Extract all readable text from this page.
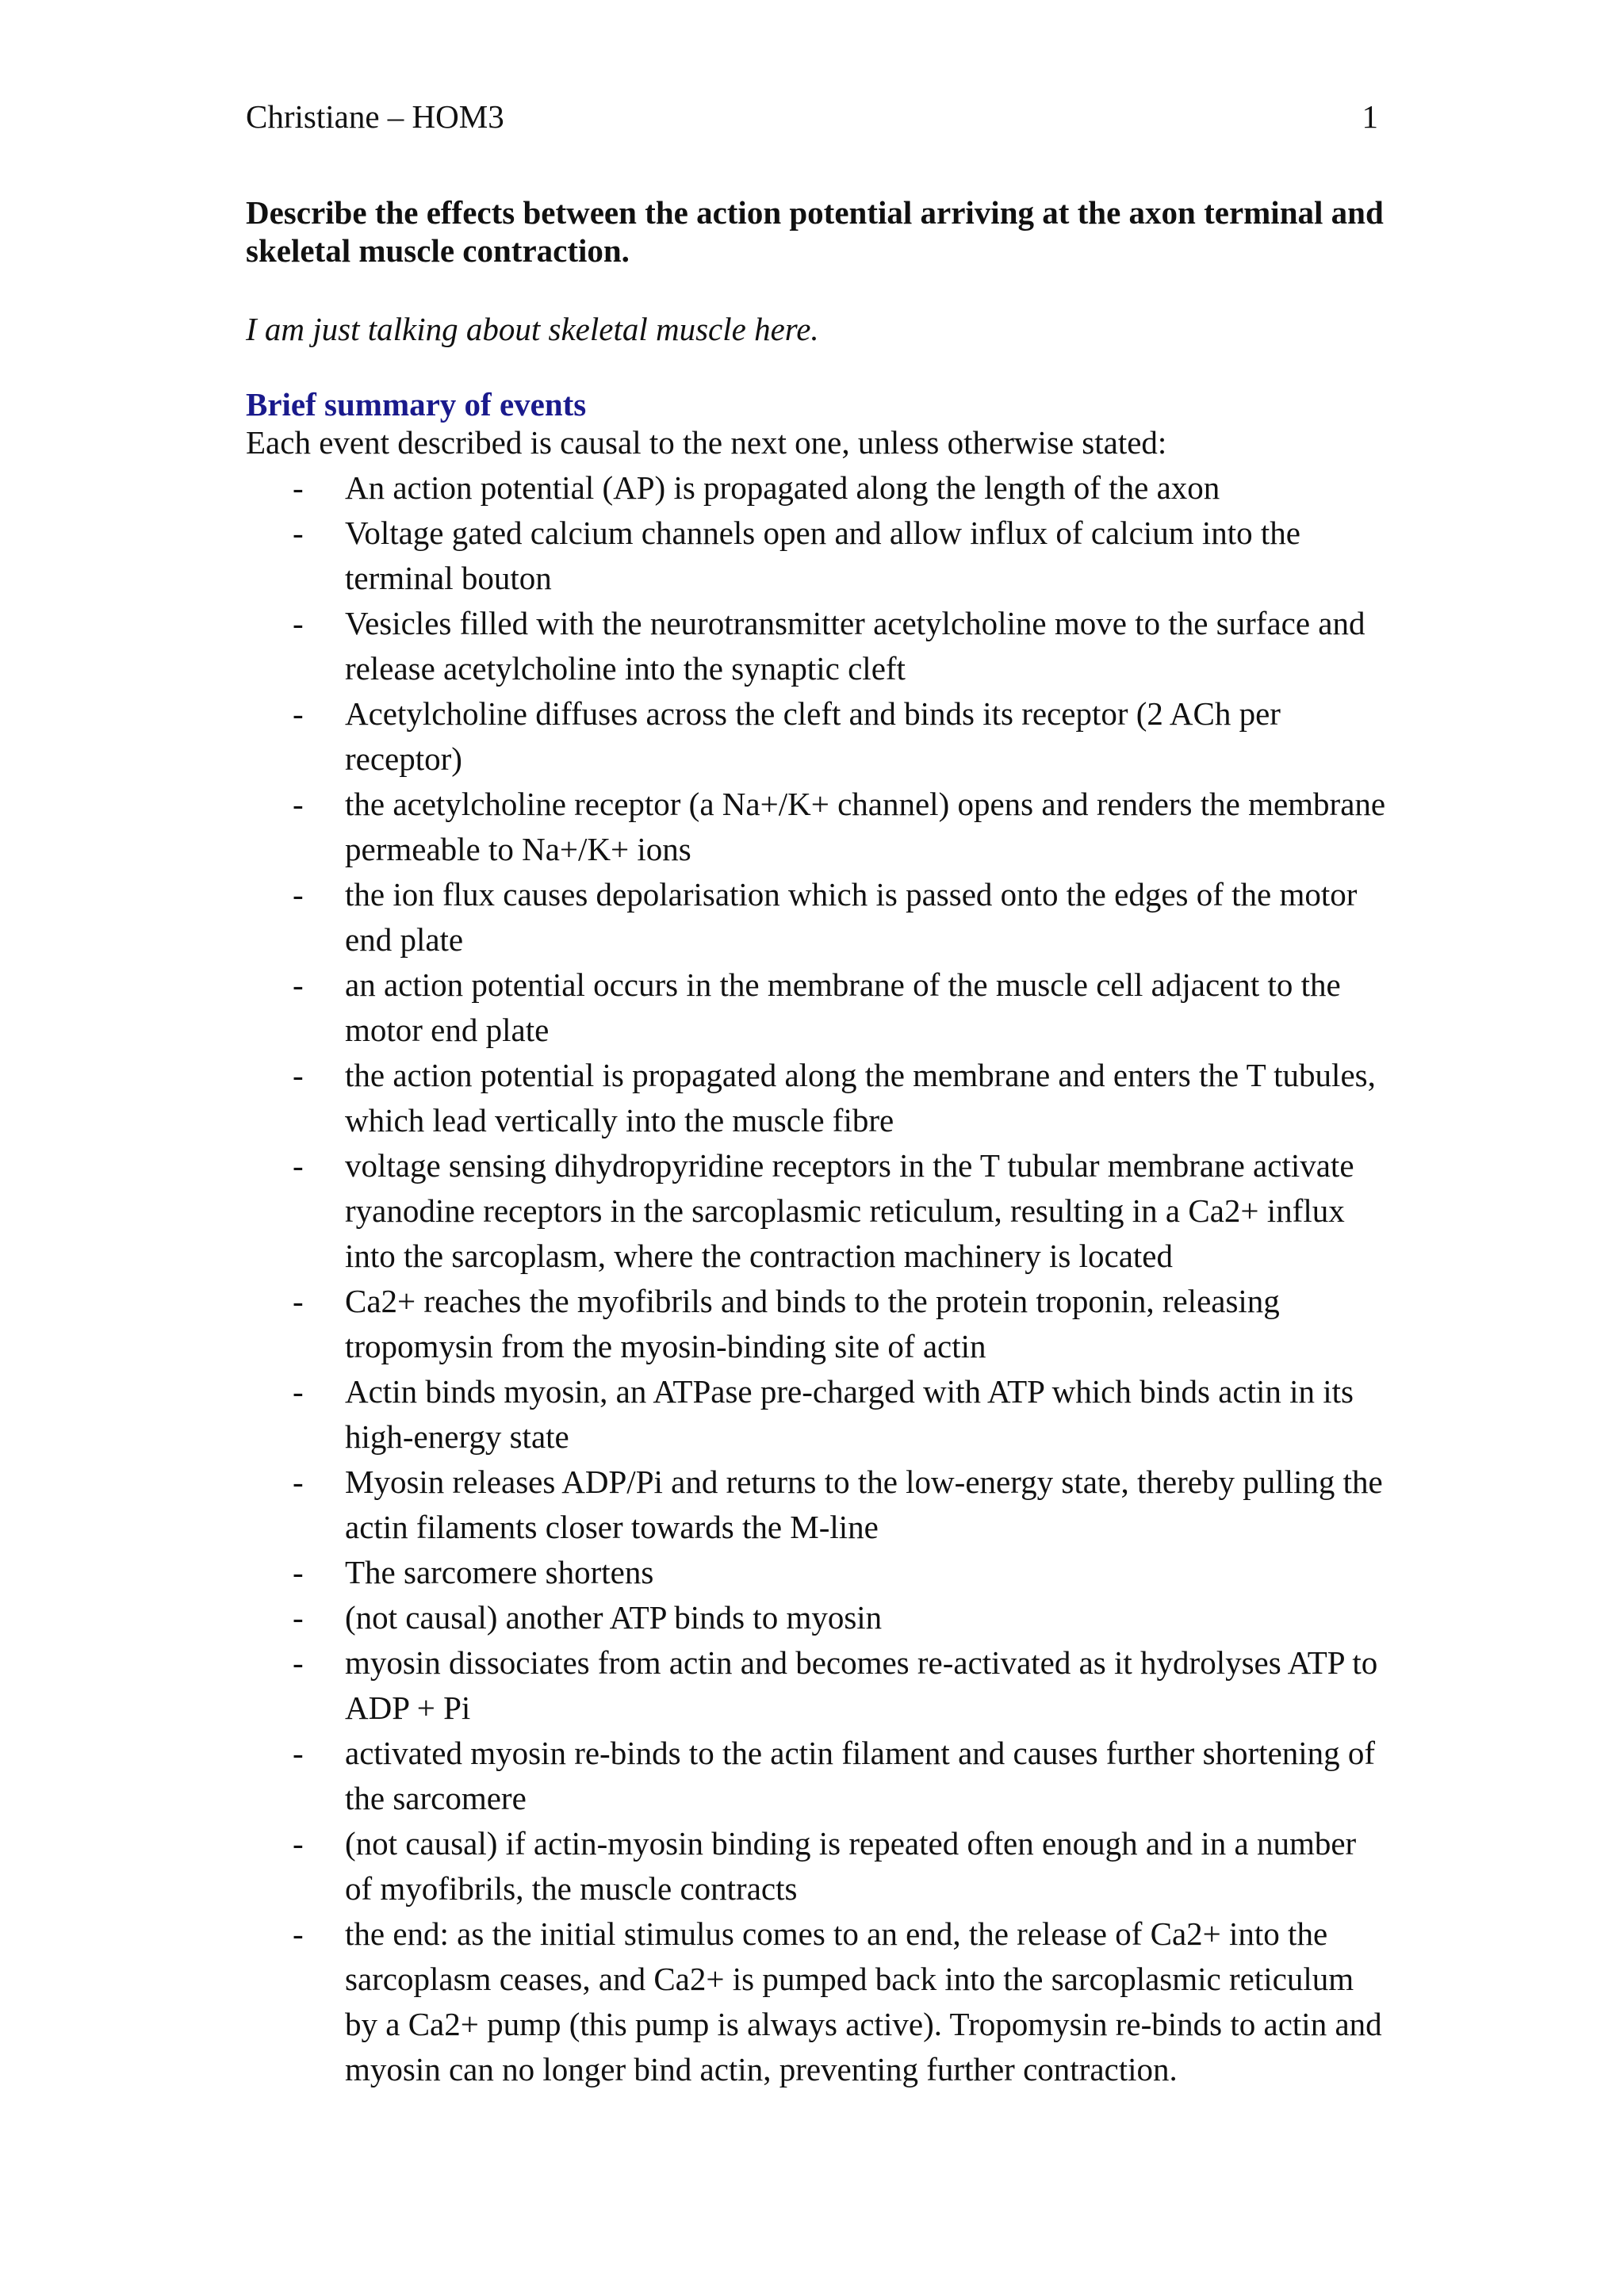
Christiane – HOM3	1
Describe the effects between the action potential arriving at the axon terminal and skeletal muscle contraction.
I am just talking about skeletal muscle here.
Brief summary of events
Each event described is causal to the next one, unless otherwise stated:
-	An action potential (AP) is propagated along the length of the axon
-	Voltage gated calcium channels open and allow influx of calcium into the terminal bouton
-	Vesicles filled with the neurotransmitter acetylcholine move to the surface and release acetylcholine into the synaptic cleft
-	Acetylcholine diffuses across the cleft and binds its receptor (2 ACh per receptor)
-	the acetylcholine receptor (a Na+/K+ channel) opens and renders the membrane permeable to Na+/K+ ions
-	the ion flux causes depolarisation which is passed onto the edges of the motor end plate
-	an action potential occurs in the membrane of the muscle cell adjacent to the motor end plate
-	the action potential is propagated along the membrane and enters the T tubules, which lead vertically into the muscle fibre
-	voltage sensing dihydropyridine receptors in the T tubular membrane activate ryanodine receptors in the sarcoplasmic reticulum, resulting in a Ca2+ influx into the sarcoplasm, where the contraction machinery is located
-	Ca2+ reaches the myofibrils and binds to the protein troponin, releasing tropomysin from the myosin-binding site of actin
-	Actin binds myosin, an ATPase pre-charged with ATP which binds actin in its high-energy state
-	Myosin releases ADP/Pi and returns to the low-energy state, thereby pulling the actin filaments closer towards the M-line
-	The sarcomere shortens
-	(not causal) another ATP binds to myosin
-	myosin dissociates from actin and becomes re-activated as it hydrolyses ATP to ADP + Pi
-	activated myosin re-binds to the actin filament and causes further shortening of the sarcomere
-	(not causal) if actin-myosin binding is repeated often enough and in a number of myofibrils, the muscle contracts
-	the end: as the initial stimulus comes to an end, the release of Ca2+ into the sarcoplasm ceases, and Ca2+ is pumped back into the sarcoplasmic reticulum by a Ca2+ pump (this pump is always active). Tropomysin re-binds to actin and myosin can no longer bind actin, preventing further contraction.
